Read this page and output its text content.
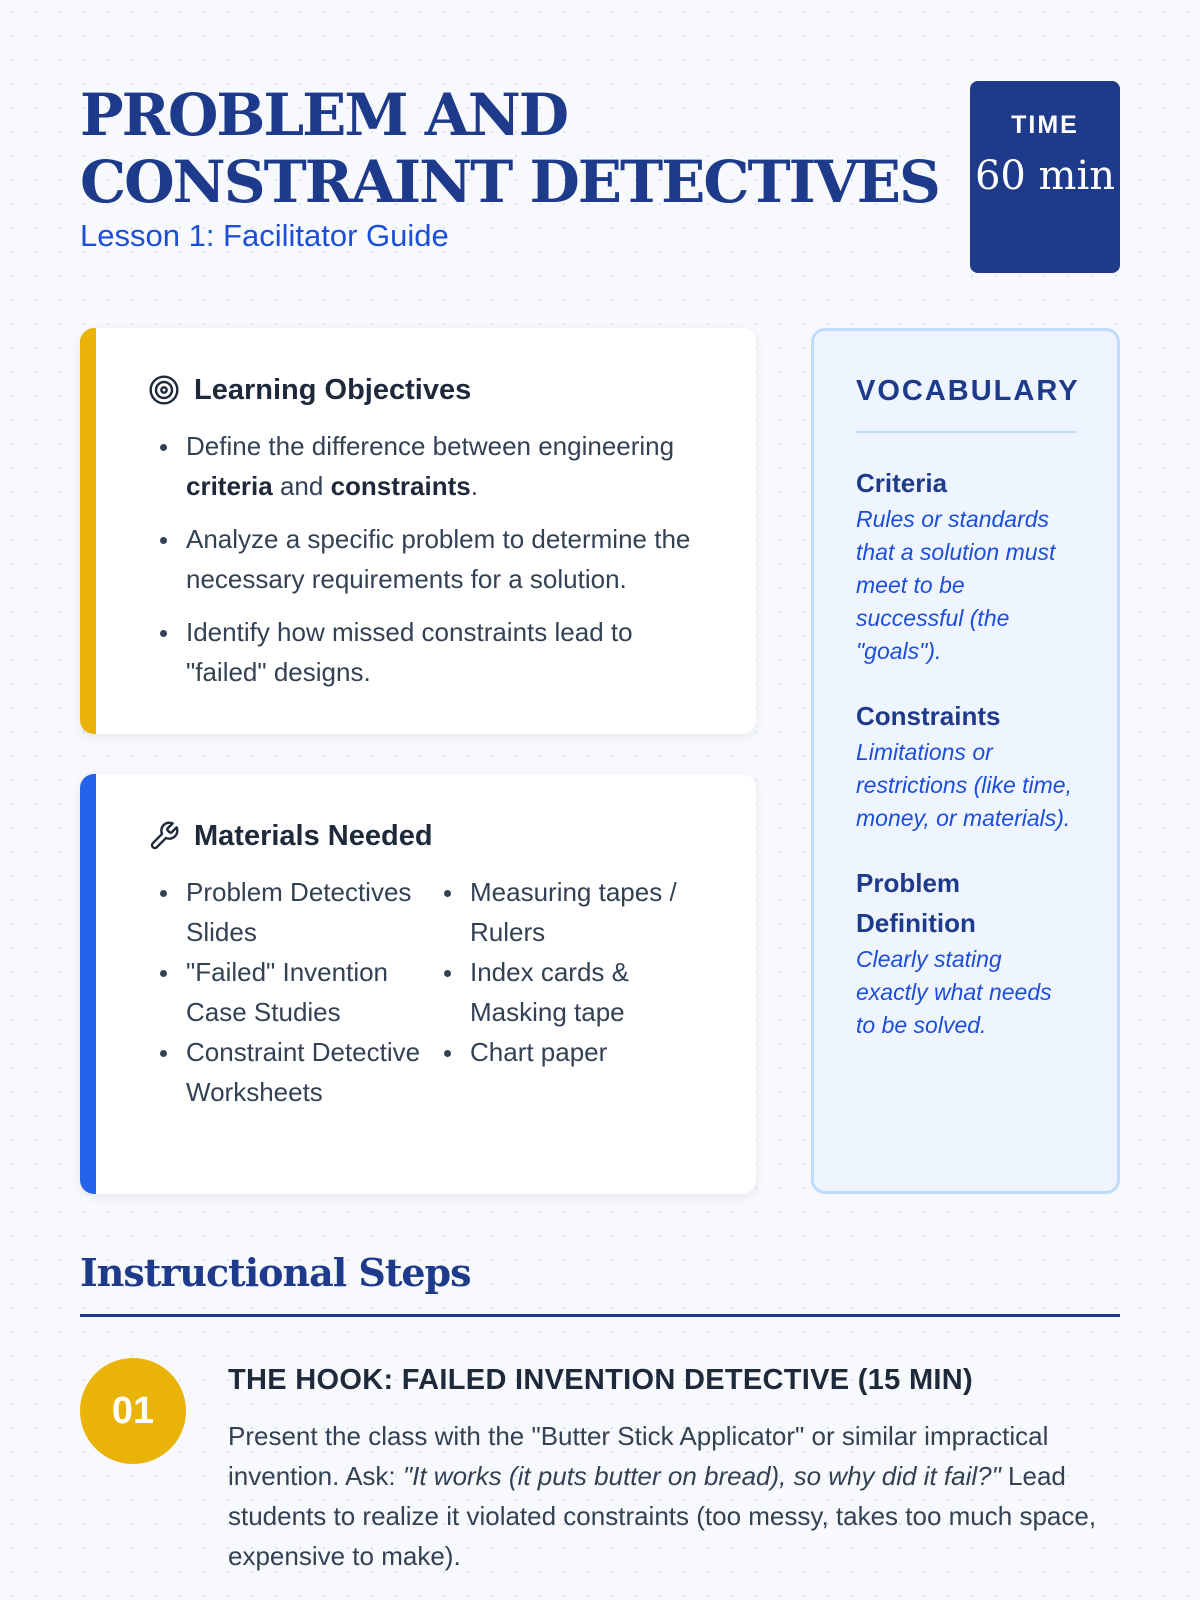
PROBLEM AND CONSTRAINT DETECTIVES
Lesson 1: Facilitator Guide
TIME
60 min
Learning Objectives
Define the difference between engineering criteria and constraints.
Analyze a specific problem to determine the necessary requirements for a solution.
Identify how missed constraints lead to "failed" designs.
Materials Needed
Problem Detectives Slides
"Failed" Invention Case Studies
Constraint Detective Worksheets
Measuring tapes / Rulers
Index cards & Masking tape
Chart paper
VOCABULARY
Criteria
Rules or standards that a solution must meet to be successful (the "goals").
Constraints
Limitations or restrictions (like time, money, or materials).
Problem Definition
Clearly stating exactly what needs to be solved.
Instructional Steps
01
THE HOOK: FAILED INVENTION DETECTIVE (15 MIN)
Present the class with the "Butter Stick Applicator" or similar impractical invention. Ask: "It works (it puts butter on bread), so why did it fail?" Lead students to realize it violated constraints (too messy, takes too much space, expensive to make).
